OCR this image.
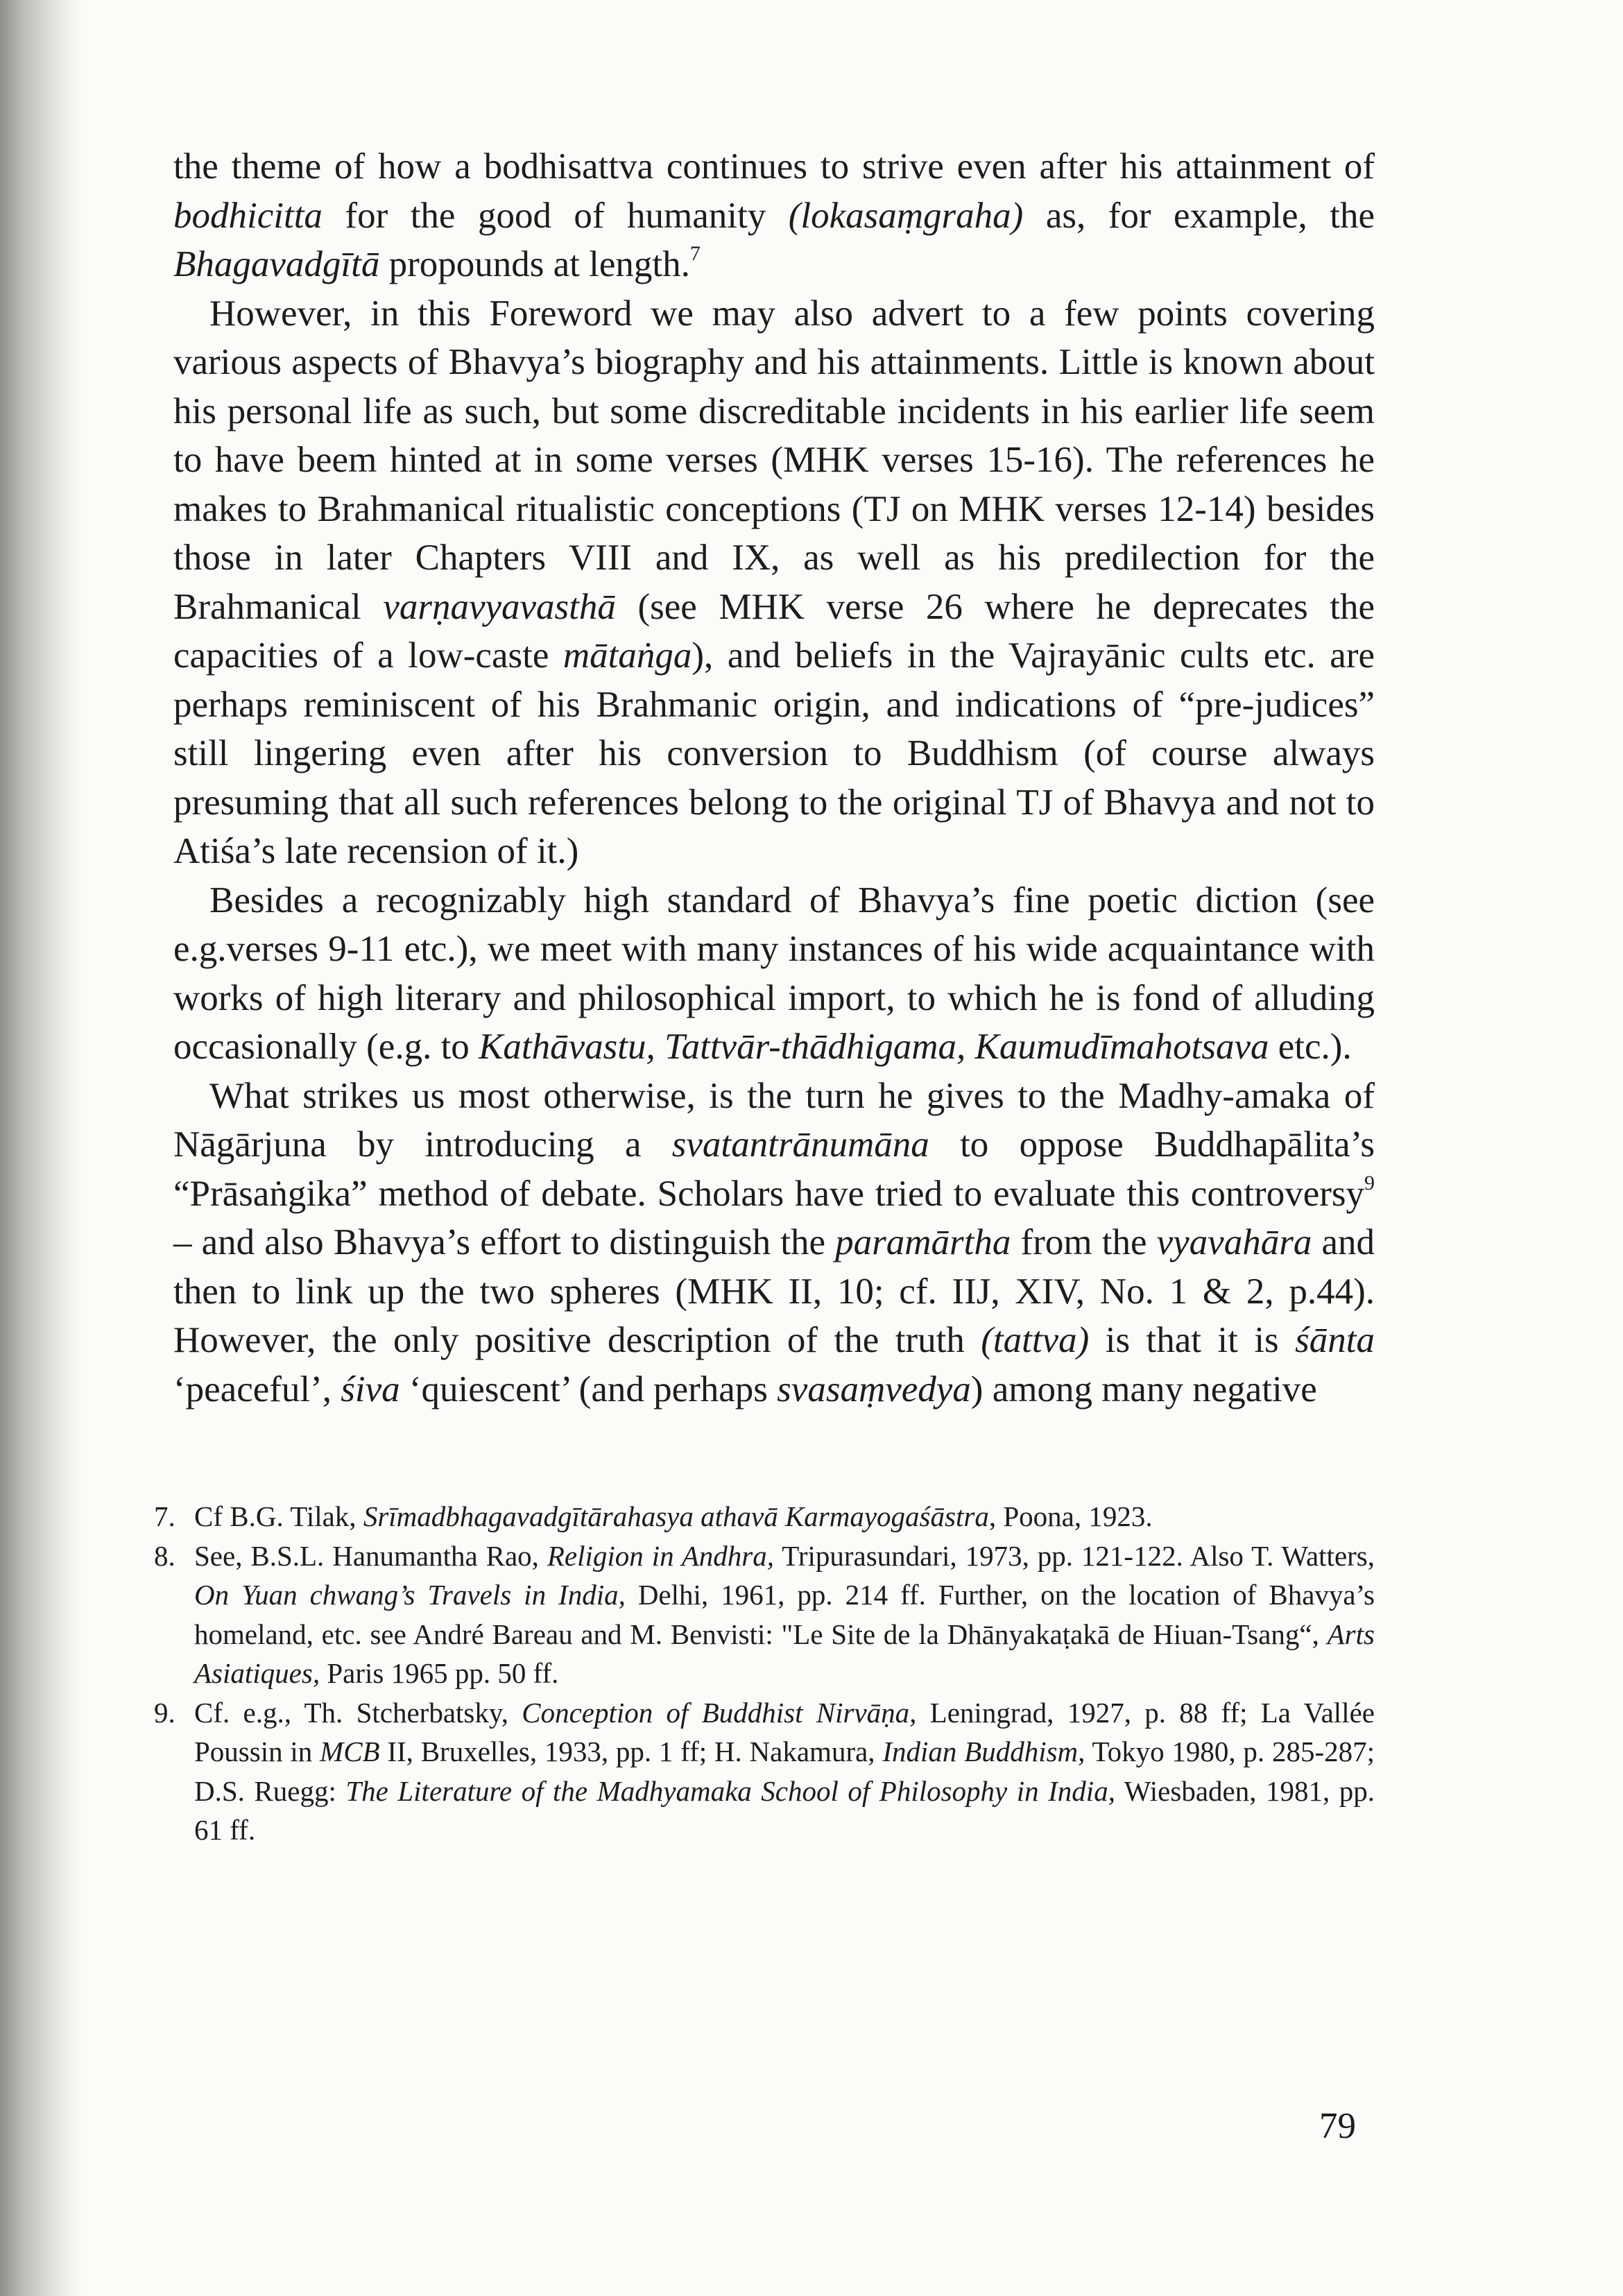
the theme of how a bodhisattva continues to strive even after his attainment of bodhicitta for the good of humanity (lokasaṃgraha) as, for example, the Bhagavadgītā propounds at length.$^7$

However, in this Foreword we may also advert to a few points covering various aspects of Bhavya’s biography and his attainments. Little is known about his personal life as such, but some discreditable incidents in his earlier life seem to have beem hinted at in some verses (MHK verses 15-16). The references he makes to Brahmanical ritualistic conceptions (TJ on MHK verses 12-14) besides those in later Chapters VIII and IX, as well as his predilection for the Brahmanical varṇavyavasthā (see MHK verse 26 where he deprecates the capacities of a low-caste mātaṅga), and beliefs in the Vajrayānic cults etc. are perhaps reminiscent of his Brahmanic origin, and indications of “pre-judices” still lingering even after his conversion to Buddhism (of course always presuming that all such references belong to the original TJ of Bhavya and not to Atiśa’s late recension of it.)

Besides a recognizably high standard of Bhavya’s fine poetic diction (see e.g.verses 9-11 etc.), we meet with many instances of his wide acquaintance with works of high literary and philosophical import, to which he is fond of alluding occasionally (e.g. to Kathāvastu, Tattvār-thādhigama, Kaumudīmahotsava etc.).

What strikes us most otherwise, is the turn he gives to the Madhy-amaka of Nāgārjuna by introducing a svatantrānumāna to oppose Buddhapālita’s “Prāsaṅgika” method of debate. Scholars have tried to evaluate this controversy$^9$ – and also Bhavya’s effort to distinguish the paramārtha from the vyavahāra and then to link up the two spheres (MHK II, 10; cf. IIJ, XIV, No. 1 & 2, p.44). However, the only positive description of the truth (tattva) is that it is śānta ‘peaceful’, śiva ‘quiescent’ (and perhaps svasaṃvedya) among many negative

7. Cf B.G. Tilak, Srīmadbhagavadgītārahasya athavā Karmayogaśāstra, Poona, 1923.
8. See, B.S.L. Hanumantha Rao, Religion in Andhra, Tripurasundari, 1973, pp. 121-122. Also T. Watters, On Yuan chwang’s Travels in India, Delhi, 1961, pp. 214 ff. Further, on the location of Bhavya’s homeland, etc. see André Bareau and M. Benvisti: "Le Site de la Dhānyakaṭakā de Hiuan-Tsang“, Arts Asiatiques, Paris 1965 pp. 50 ff.
9. Cf. e.g., Th. Stcherbatsky, Conception of Buddhist Nirvāṇa, Leningrad, 1927, p. 88 ff; La Vallée Poussin in MCB II, Bruxelles, 1933, pp. 1 ff; H. Nakamura, Indian Buddhism, Tokyo 1980, p. 285-287; D.S. Ruegg: The Literature of the Madhyamaka School of Philosophy in India, Wiesbaden, 1981, pp. 61 ff.
79
